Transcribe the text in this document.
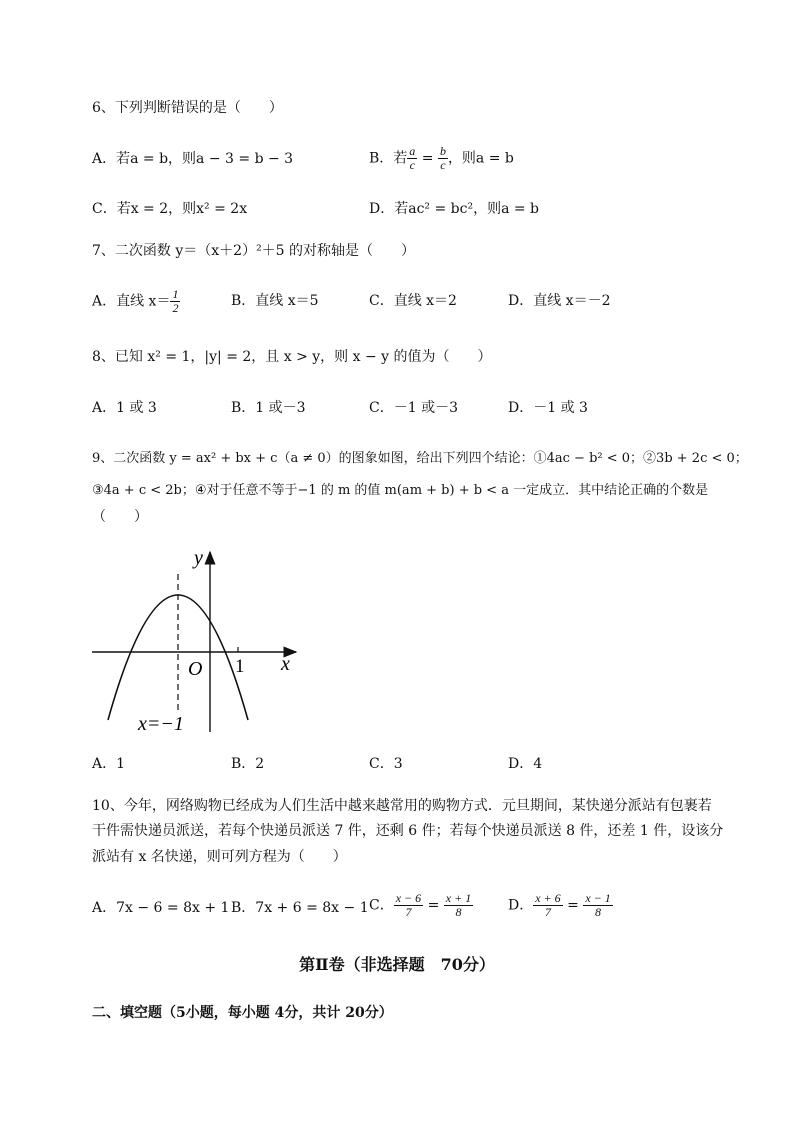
6、下列判断错误的是（　　）
A．若a = b，则a − 3 = b − 3	B．若 $\frac{a}{c} = \frac{b}{c}$ ，则a = b
C．若x = 2，则x² = 2x	D．若ac² = bc²，则a = b
7、二次函数 y＝（x＋2）²＋5 的对称轴是（　　）
A．直线 $x= \frac{1}{2}$	B．直线 x＝5	C．直线 x＝2	D．直线 x＝－2
8、已知 x² = 1，|y| = 2，且 x > y，则 x − y 的值为（　　）
A．1 或 3	B．1 或－3	C．－1 或－3	D．－1 或 3
9、二次函数 y = ax² + bx + c（a ≠ 0）的图象如图，给出下列四个结论：①4ac − b² < 0；②3b + 2c < 0；
③4a + c < 2b；④对于任意不等于−1 的 m 的值 m(am + b) + b < a 一定成立．其中结论正确的个数是
（　　）
y
x
O 1
x=−1
A．1	B．2	C．3	D．4
10、今年，网络购物已经成为人们生活中越来越常用的购物方式．元旦期间，某快递分派站有包裹若
干件需快递员派送，若每个快递员派送 7 件，还剩 6 件；若每个快递员派送 8 件，还差 1 件，设该分
派站有 x 名快递，则可列方程为（　　）
A．7x − 6 = 8x + 1 B．7x + 6 = 8x − 1 C． $\frac{x - 6}{7} = \frac{x + 1}{8}$ D． $\frac{x + 6}{7} = \frac{x - 1}{8}$
第Ⅱ卷（非选择题　70分）
二、填空题（5小题，每小题 4分，共计 20分）
